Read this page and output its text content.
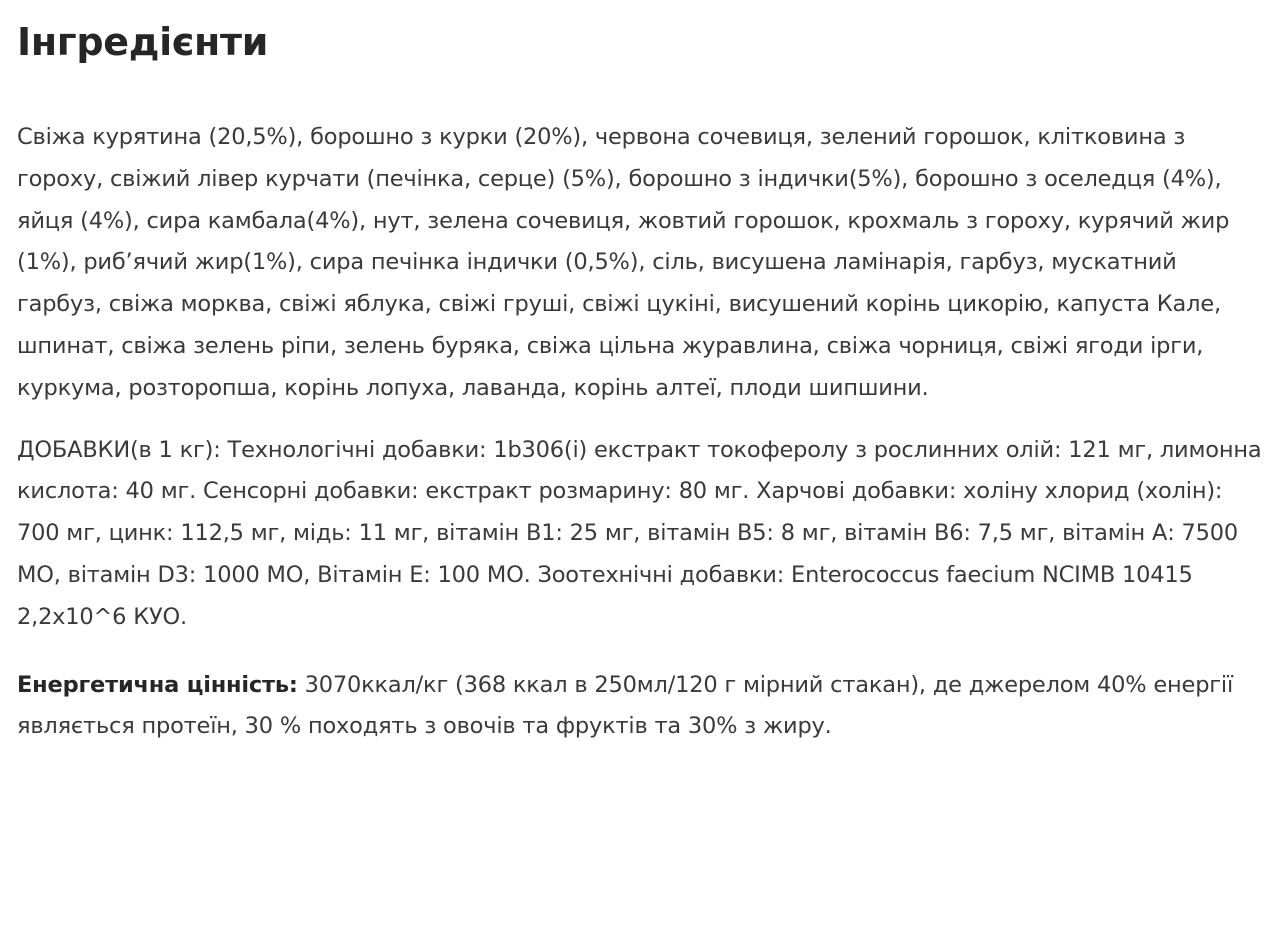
Інгредієнти

Свіжа курятина (20,5%), борошно з курки (20%), червона сочевиця, зелений горошок, клітковина з гороху, свіжий лівер курчати (печінка, серце) (5%), борошно з індички(5%), борошно з оселедця (4%), яйця (4%), сира камбала(4%), нут, зелена сочевиця, жовтий горошок, крохмаль з гороху, курячий жир (1%), риб’ячий жир(1%), сира печінка індички (0,5%), сіль, висушена ламінарія, гарбуз, мускатний гарбуз, свіжа морква, свіжі яблука, свіжі груші, свіжі цукіні, висушений корінь цикорію, капуста Кале, шпинат, свіжа зелень ріпи, зелень буряка, свіжа цільна журавлина, свіжа чорниця, свіжі ягоди ірги, куркума, розторопша, корінь лопуха, лаванда, корінь алтеї, плоди шипшини.

ДОБАВКИ(в 1 кг): Технологічні добавки: 1b306(i) екстракт токоферолу з рослинних олій: 121 мг, лимонна кислота: 40 мг. Сенсорні добавки: екстракт розмарину: 80 мг. Харчові добавки: холіну хлорид (холін): 700 мг, цинк: 112,5 мг, мідь: 11 мг, вітамін В1: 25 мг, вітамін В5: 8 мг, вітамін В6: 7,5 мг, вітамін А: 7500 МО, вітамін D3: 1000 МО, Вітамін Е: 100 МО. Зоотехнічні добавки: Enterococcus faecium NCIMB 10415 2,2х10^6 КУО.

Енергетична цінність: 3070ккал/кг (368 ккал в 250мл/120 г мірний стакан), де джерелом 40% енергії являється протеїн, 30 % походять з овочів та фруктів та 30% з жиру.
